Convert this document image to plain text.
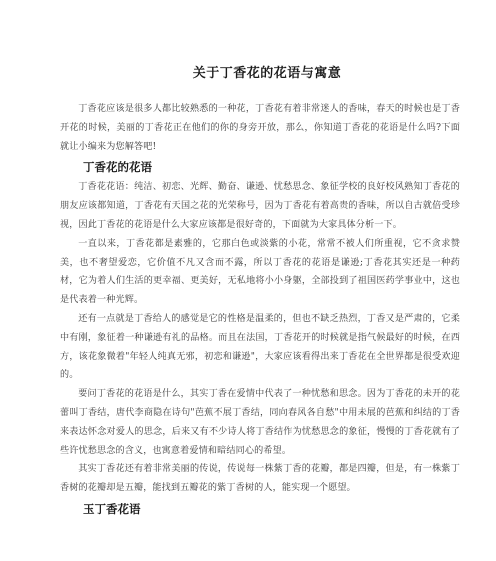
关于丁香花的花语与寓意

丁香花应该是很多人都比较熟悉的一种花，丁香花有着非常迷人的香味，春天的时候也是丁香开花的时候，美丽的丁香花正在他们的你的身旁开放，那么，你知道丁香花的花语是什么吗?下面就让小编来为您解答吧!

丁香花的花语

丁香花花语：纯洁、初恋、光辉、勤奋、谦逊、忧愁思念、象征学校的良好校风熟知丁香花的朋友应该都知道，丁香花有天国之花的光荣称号，因为丁香花有着高贵的香味，所以自古就倍受珍视，因此丁香花的花语是什么大家应该都是很好奇的，下面就为大家具体分析一下。

一直以来，丁香花都是素雅的，它那白色或淡紫的小花，常常不被人们所重视，它不贪求赞美，也不奢望爱恋，它价值不凡又含而不露，所以丁香花的花语是谦逊;丁香花其实还是一种药材，它为着人们生活的更幸福、更美好，无私地将小小身躯，全部投到了祖国医药学事业中，这也是代表着一种光辉。

还有一点就是丁香给人的感觉是它的性格是温柔的，但也不缺乏热烈，丁香又是严肃的，它柔中有刚，象征着一种谦逊有礼的品格。而且在法国，丁香花开的时候就是指气候最好的时候，在西方，该花象微着"年轻人纯真无邪，初恋和谦逊"，大家应该看得出来丁香花在全世界都是很受欢迎的。

要问丁香花的花语是什么，其实丁香在爱情中代表了一种忧愁和思念。因为丁香花的未开的花蕾叫丁香结，唐代李商隐在诗句"芭蕉不展丁香结，同向春风各自愁"中用未展的芭蕉和纠结的丁香来表达怀念对爱人的思念，后来又有不少诗人将丁香结作为忧愁思念的象征，慢慢的丁香花就有了些许忧愁思念的含义，也寓意着爱情和暗结同心的希望。

其实丁香花还有着非常美丽的传说，传说每一株紫丁香的花瓣，都是四瓣，但是，有一株紫丁香树的花瓣却是五瓣，能找到五瓣花的紫丁香树的人，能实现一个愿望。

玉丁香花语
